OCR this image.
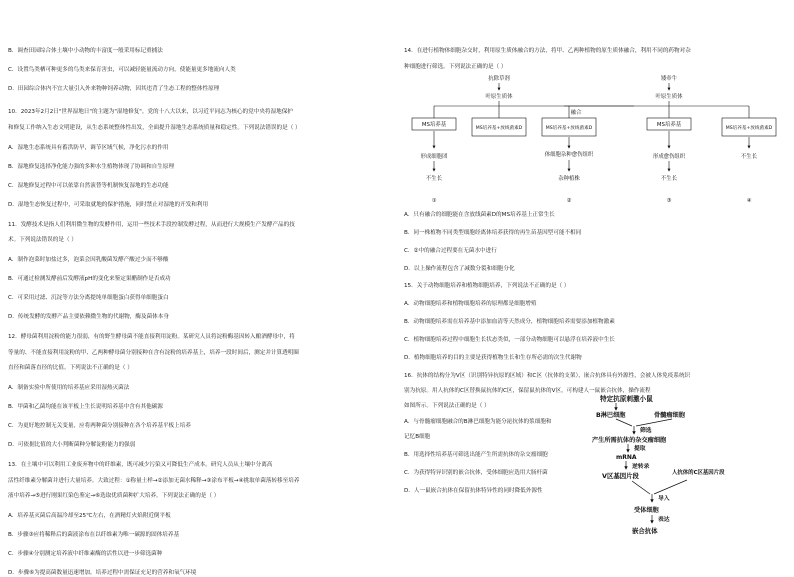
B．调查田园综合体土壤中小动物的丰富度一般采用标记重捕法
C．设置鸟类栖可种更多的鸟类来保育害虫，可以减轻能量流动方向，使能量更多地流向人类
D．田园综合体内不宜大量引入外来物种饲养动物，因其违背了生态工程的整体性原理
10．2023年2月2日"世界湿地日"的主题为"湿地修复"。党的十八大以来，以习近平同志为核心的党中央将湿地保护
和修复工作纳入生态文明建设，从生态系统整体性出发，全面提升湿地生态系统质量和稳定性。下列说法错误的是（ ）
A．湿地生态系统具有蓄洪防旱，调节区域气候，净化污水的作用
B．湿地修复选择净化能力强的多种水生植物体现了协调和自生原理
C．湿地修复过程中可以依靠自然演替等机制恢复湿地的生态功能
D．湿地生态恢复过程中，可采取就地的保护措施，同时禁止对湿地的开发和利用
11．发酵技术是指人们利用微生物的发酵作用，运用一些技术手段控制发酵过程，从而进行大规模生产发酵产品的技
术。下列说法错误的是（ ）
A．制作泡菜时加盐过多，泡菜会因乳酸菌发酵产酸过少而不够酸
B．可通过检测发酵前后发酵液pH的变化来鉴定果醋制作是否成功
C．可采用过滤、沉淀等方法分离提纯单细胞蛋白获得单细胞蛋白
D．传统发酵的发酵产品主要依赖微生物的代谢物，酶及菌体本身
12．酵母菌利用淀粉的能力很弱，有的野生酵母菌不能直接利用淀粉。某研究人员将淀粉酶基因转入酿酒酵母中，将
等量的、不能直接利用淀粉的甲、乙两种酵母菌分别接种在含有淀粉的培养基上，培养一段时间后，测定并计算透明圈
直径和菌落直径的比值。下列说法不正确的是（ ）
A．制备实验中所使用的培养基应采用湿热灭菌法
B．甲菌和乙菌均能在该平板上生长说明培养基中含有其他碳源
C．为更好地控制无关变量，应将两种菌分别接种在各个培养基平板上培养
D．可依据比值的大小判断菌种分解淀粉能力的强弱
13．在土壤中可以利用工业废弃物中的纤维素，既可减少污染又可降低生产成本。研究人员从土壤中分离高
活性纤维素分解菌并进行大量培养。大致过程：①称量土样→②添加无菌水稀释→③涂布平板→④挑取单菌落转移至培养
液中培养→⑤进行刚果红染色鉴定→⑥选取优质菌种扩大培养。下列说法正确的是（ ）
A．培养基灭菌后高温冷却至25℃左右，在酒精灯火焰附近倒平板
B．步骤③应将稀释后的菌液涂布在以纤维素为唯一碳源的固体培养基
C．步骤④分别测定培养液中纤维素酶的活性以进一步筛选菌种
D．步骤⑥为提高菌数量迅速增加，培养过程中需保证充足的营养和氧气环境
14．在进行植物体细胞杂交时，利用原生质体融合的方法，将甲、乙两种植物的原生质体融合，利用不同的药物对杂
种细胞进行筛选。下列说法正确的是（ ）
A．只有融合的细胞能在含放线菌素D的MS培养基上正常生长
B．同一株植物不同类型细胞经离体培养获得的再生苗基因型可能不相同
C．②中的融合过程要在无菌水中进行
D．以上操作流程包含了减数分裂和细胞分化
15．关于动物细胞培养和植物细胞培养，下列说法不正确的是（ ）
A．动物细胞培养和植物细胞培养的原理都是细胞增殖
B．动物细胞培养需在培养基中添加血清等天然成分，植物细胞培养需要添加植物激素
C．植物细胞培养过程中细胞生长状态类似，一部分动物细胞可以悬浮在培养液中生长
D．植物细胞培养的目的主要是获得植物生长和生存所必需的次生代谢物
16．抗体的结构分为V区（识别特异抗原的区域）和C区（抗体的支架），嵌合抗体具有外源性，会被人体免疫系统识
别为抗原。用人抗体的C区替换鼠抗体的C区，保留鼠抗体的V区，可构建人一鼠嵌合抗体，操作流程
如图所示。下列说法正确的是（ ）
A．与骨髓瘤细胞融合的B淋巴细胞为能分泌抗体的浆细胞和
记忆B细胞
B．用选择性培养基可筛选出能产生所需抗体的杂交瘤细胞
C．为获得特异识别的嵌合抗体，受体细胞应选用大肠杆菌
D．人一鼠嵌合抗体在保留抗体特异性的同时降低外源性
抗除草剂	矮牵牛
叶原生质体	叶原生质体
融合
MS培养基
MS培养基+放线菌素D	MS培养基+放线菌素D
MS培养基
MS培养基+放线菌素D
形成细胞团
不生长
体细胞杂种愈伤组织
杂种植株
形成愈伤组织
不生长
不生长
①	②	③	④
特定抗原刺激小鼠
B淋巴细胞	骨髓瘤细胞
筛选
产生所需抗体的杂交瘤细胞
提取
mRNA
逆转录
V区基因片段	人抗体的C区基因片段
导入
受体细胞
表达
嵌合抗体
